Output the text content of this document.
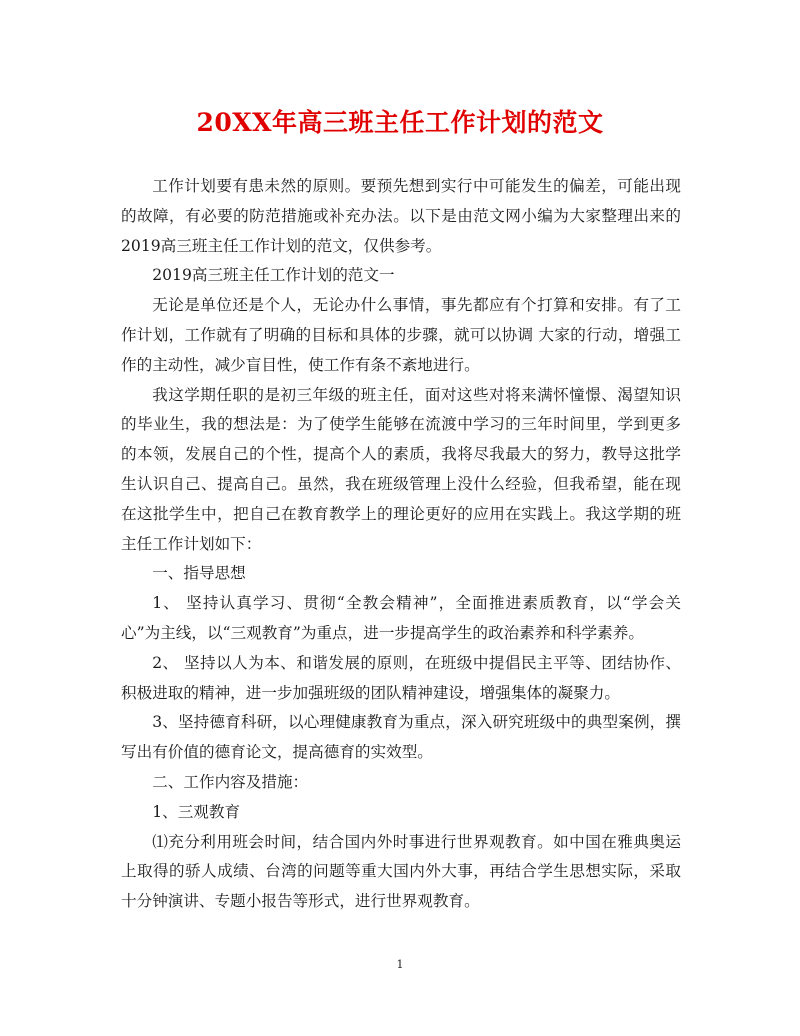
20XX年高三班主任工作计划的范文

工作计划要有患未然的原则。要预先想到实行中可能发生的偏差，可能出现的故障，有必要的防范措施或补充办法。以下是由范文网小编为大家整理出来的2019高三班主任工作计划的范文，仅供参考。

2019高三班主任工作计划的范文一

无论是单位还是个人，无论办什么事情，事先都应有个打算和安排。有了工作计划，工作就有了明确的目标和具体的步骤，就可以协调 大家的行动，增强工作的主动性，减少盲目性，使工作有条不紊地进行。

我这学期任职的是初三年级的班主任，面对这些对将来满怀憧憬、渴望知识的毕业生，我的想法是：为了使学生能够在流渡中学习的三年时间里，学到更多的本领，发展自己的个性，提高个人的素质，我将尽我最大的努力，教导这批学生认识自己、提高自己。虽然，我在班级管理上没什么经验，但我希望，能在现在这批学生中，把自己在教育教学上的理论更好的应用在实践上。我这学期的班主任工作计划如下：

一、指导思想

1、 坚持认真学习、贯彻“全教会精神”，全面推进素质教育，以“学会关心”为主线，以“三观教育”为重点，进一步提高学生的政治素养和科学素养。

2、 坚持以人为本、和谐发展的原则，在班级中提倡民主平等、团结协作、积极进取的精神，进一步加强班级的团队精神建设，增强集体的凝聚力。

3、坚持德育科研，以心理健康教育为重点，深入研究班级中的典型案例，撰写出有价值的德育论文，提高德育的实效型。

二、工作内容及措施：

1、三观教育

⑴充分利用班会时间，结合国内外时事进行世界观教育。如中国在雅典奥运上取得的骄人成绩、台湾的问题等重大国内外大事，再结合学生思想实际，采取十分钟演讲、专题小报告等形式，进行世界观教育。

1
